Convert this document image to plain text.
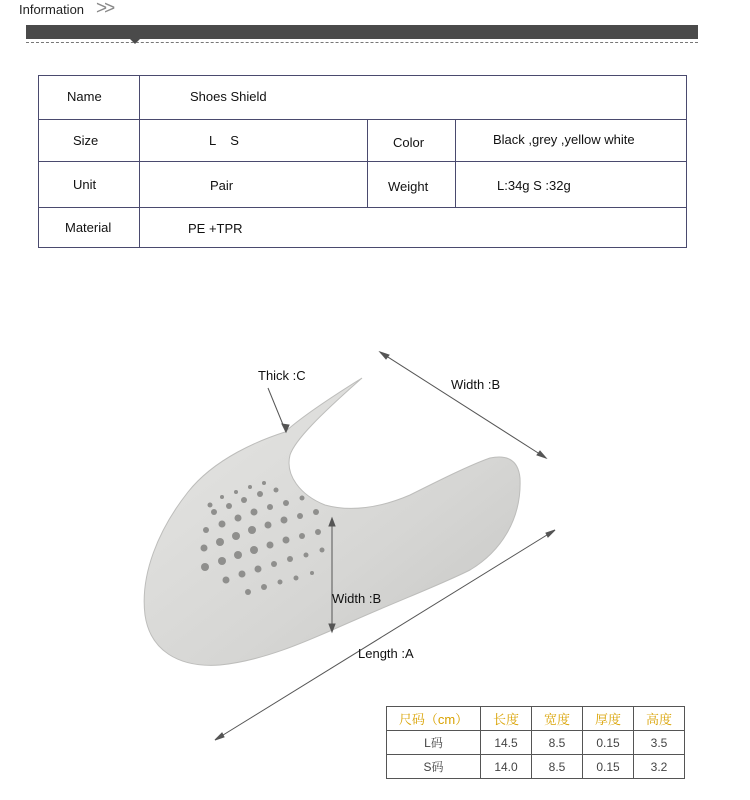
Information >>
Name	Shoes Shield
Size	L    S	Color	Black ,grey ,yellow white
Unit	Pair	Weight	L:34g S :32g
Material	PE +TPR
Thick :C
Width :B
Width :B
Length :A
尺码（cm）	长度	宽度	厚度	高度
L码	14.5	8.5	0.15	3.5
S码	14.0	8.5	0.15	3.2
